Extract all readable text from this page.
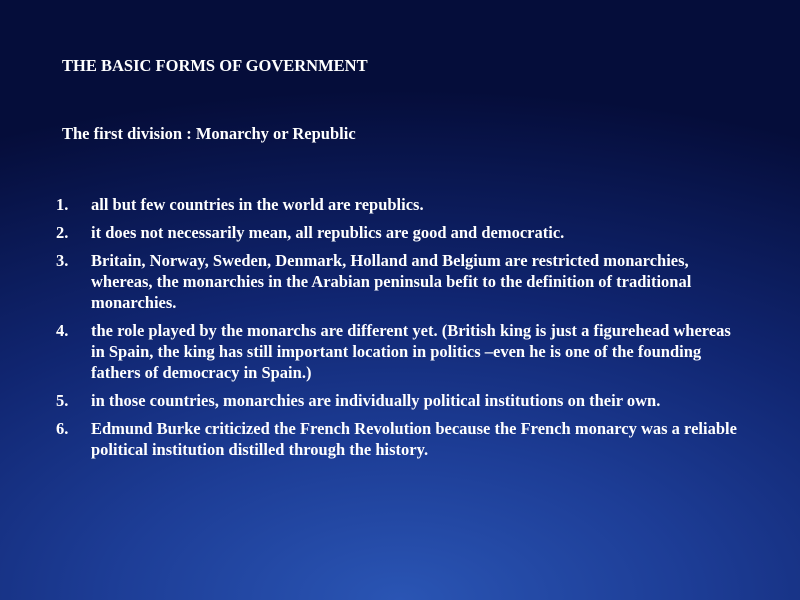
THE BASIC FORMS OF GOVERNMENT
The first division : Monarchy or Republic
1. all but few countries in the world are republics.
2. it does not necessarily mean, all republics are good and democratic.
3. Britain, Norway, Sweden, Denmark, Holland and Belgium are restricted monarchies, whereas, the monarchies in the Arabian peninsula befit to the definition of traditional monarchies.
4. the role played by the monarchs are different yet. (British king is just a figurehead whereas in Spain, the king has still important location in politics –even he is one of the founding fathers of democracy in Spain.)
5. in those countries, monarchies are individually political institutions on their own.
6. Edmund Burke criticized the French Revolution because the French monarcy was a reliable political institution distilled through the history.
